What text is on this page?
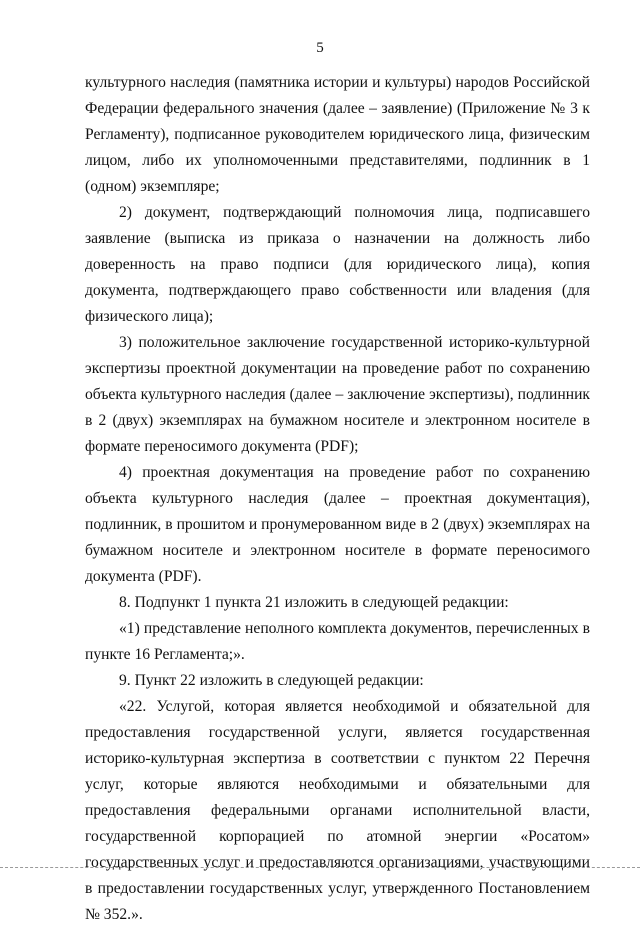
5

культурного наследия (памятника истории и культуры) народов Российской Федерации федерального значения (далее – заявление) (Приложение № 3 к Регламенту), подписанное руководителем юридического лица, физическим лицом, либо их уполномоченными представителями, подлинник в 1 (одном) экземпляре;

2) документ, подтверждающий полномочия лица, подписавшего заявление (выписка из приказа о назначении на должность либо доверенность на право подписи (для юридического лица), копия документа, подтверждающего право собственности или владения (для физического лица);

3) положительное заключение государственной историко-культурной экспертизы проектной документации на проведение работ по сохранению объекта культурного наследия (далее – заключение экспертизы), подлинник в 2 (двух) экземплярах на бумажном носителе и электронном носителе в формате переносимого документа (PDF);

4) проектная документация на проведение работ по сохранению объекта культурного наследия (далее – проектная документация), подлинник, в прошитом и пронумерованном виде в 2 (двух) экземплярах на бумажном носителе и электронном носителе в формате переносимого документа (PDF).

8. Подпункт 1 пункта 21 изложить в следующей редакции:

«1) представление неполного комплекта документов, перечисленных в пункте 16 Регламента;».

9. Пункт 22 изложить в следующей редакции:

«22. Услугой, которая является необходимой и обязательной для предоставления государственной услуги, является государственная историко-культурная экспертиза в соответствии с пунктом 22 Перечня услуг, которые являются необходимыми и обязательными для предоставления федеральными органами исполнительной власти, государственной корпорацией по атомной энергии «Росатом» государственных услуг и предоставляются организациями, участвующими в предоставлении государственных услуг, утвержденного Постановлением № 352.».
